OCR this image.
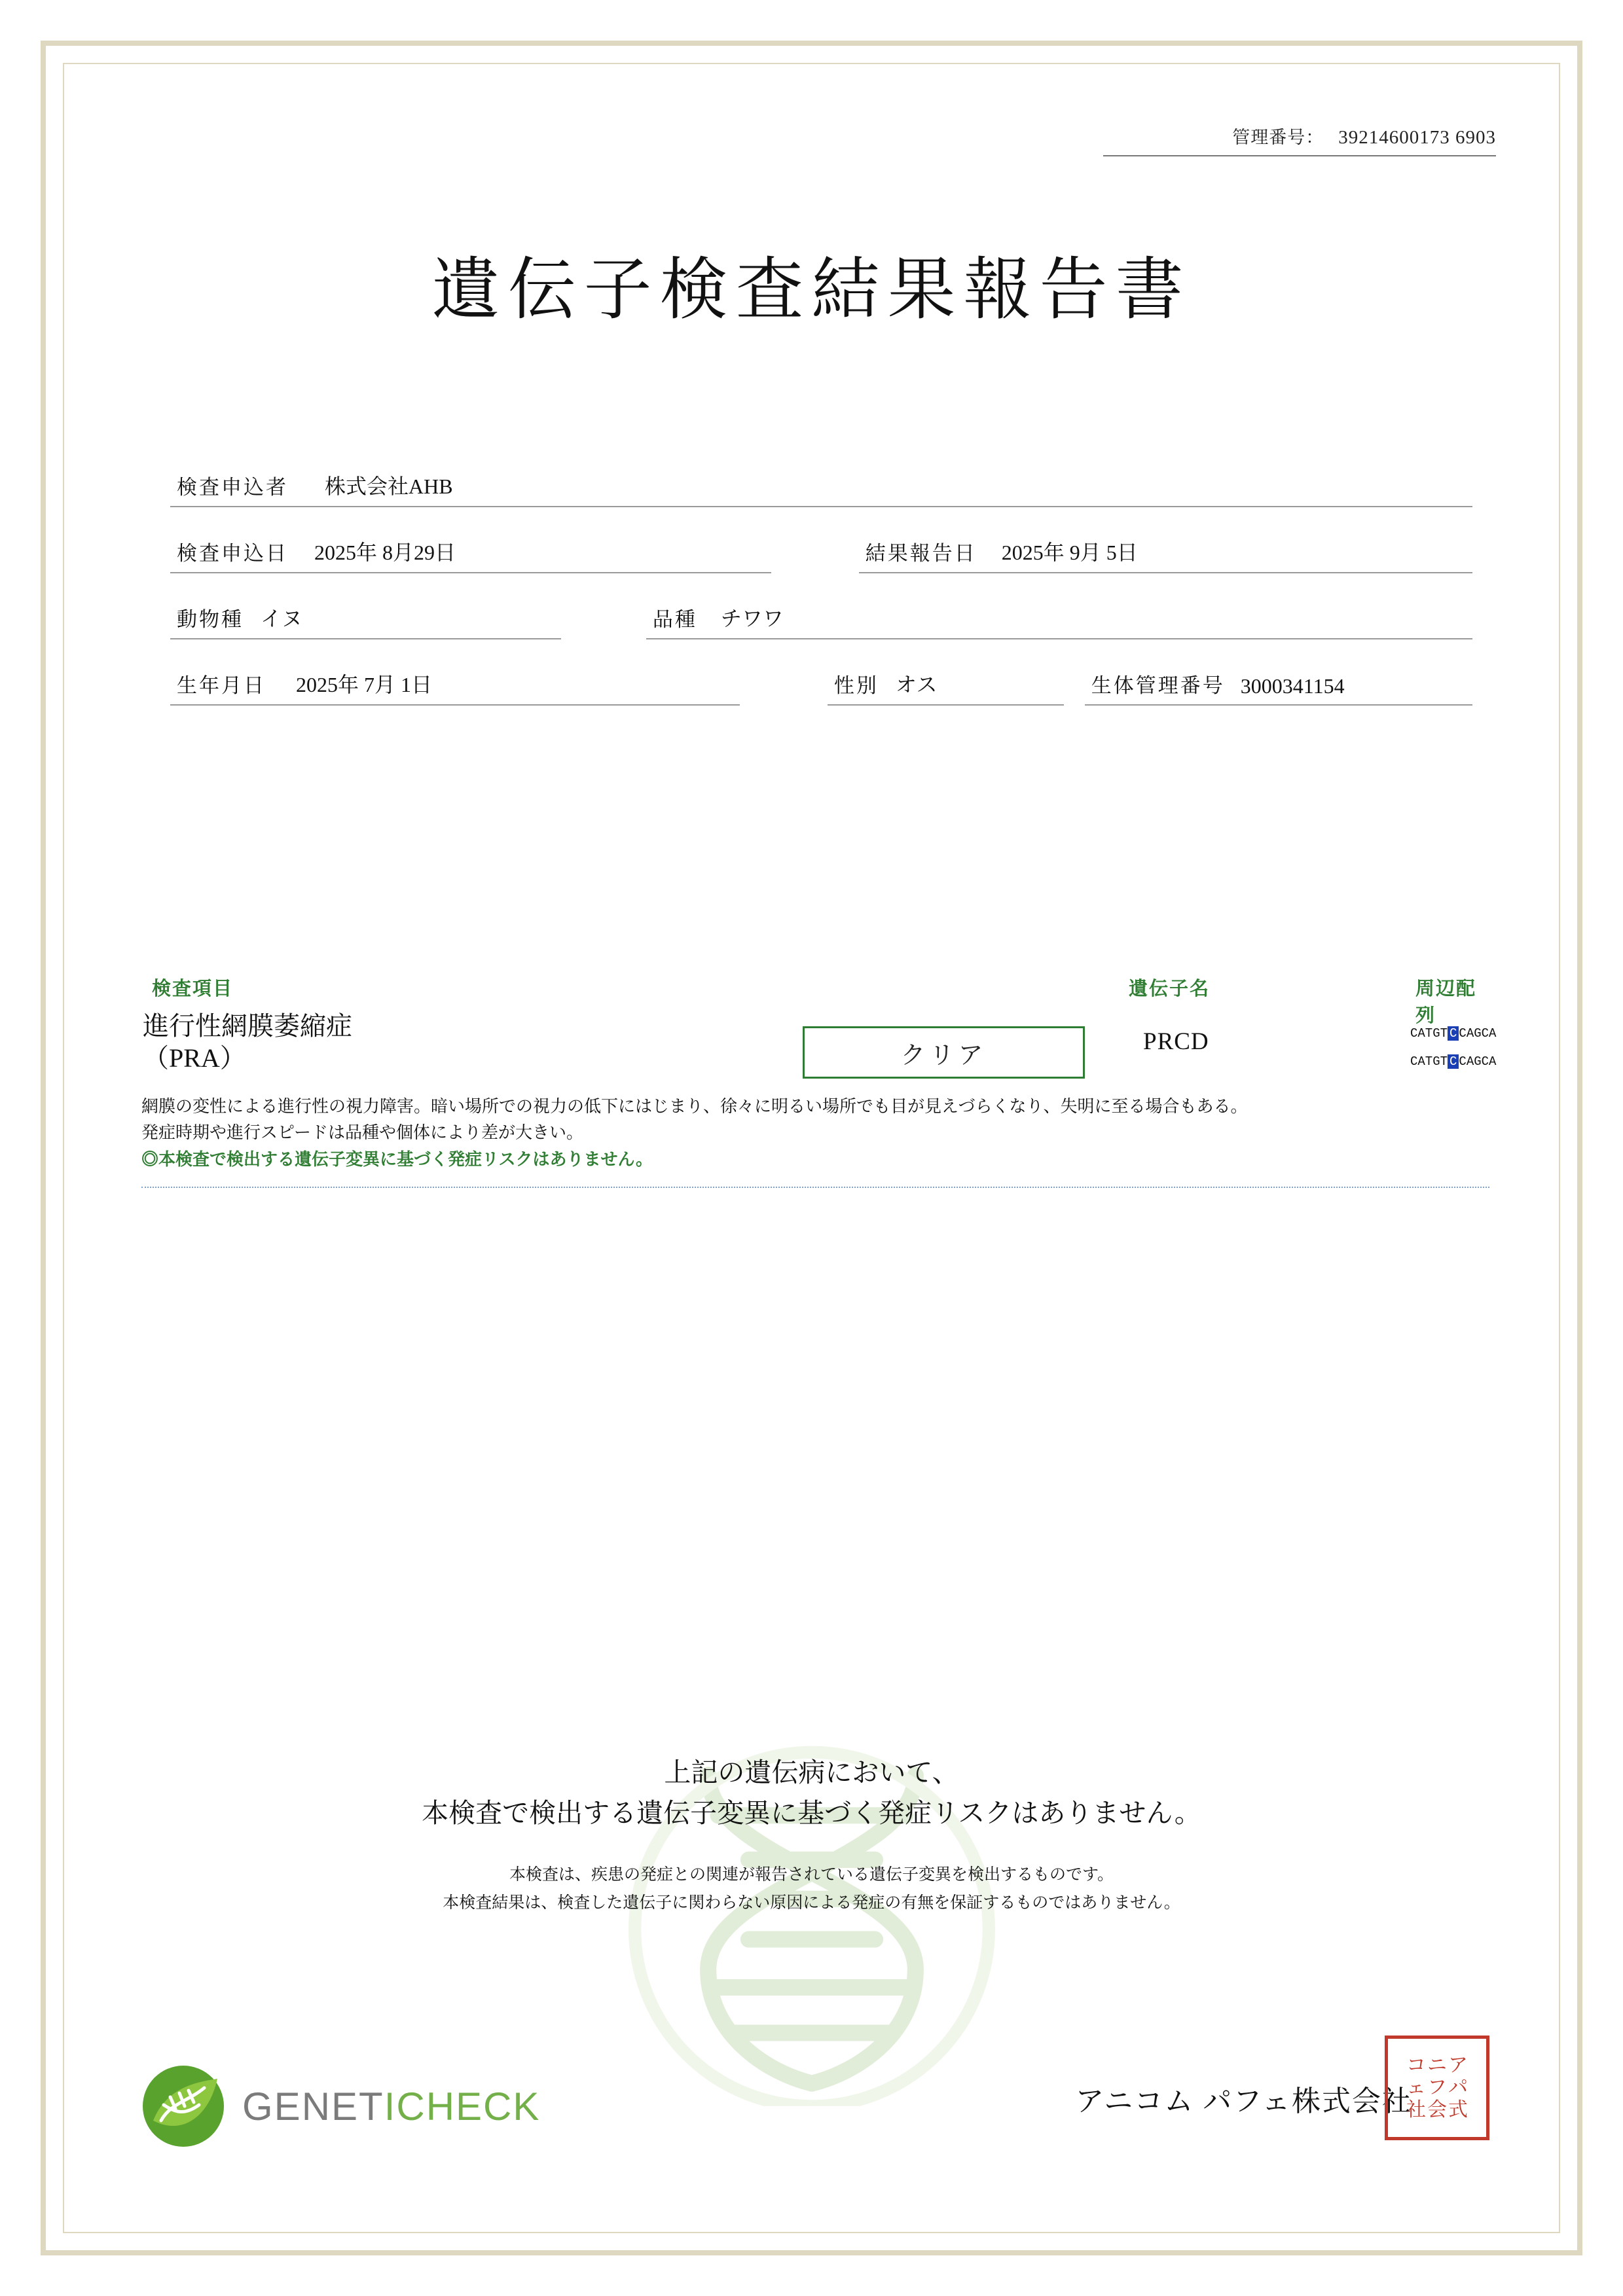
管理番号： 39214600173 6903
遺伝子検査結果報告書
検査申込者 株式会社AHB
検査申込日 2025年 8月29日	結果報告日 2025年 9月 5日
動物種 イヌ	品種 チワワ
生年月日 2025年 7月 1日	性別 オス	生体管理番号 3000341154
検査項目	遺伝子名	周辺配列
進行性網膜萎縮症
（PRA）	クリア	PRCD	CATGT C CAGCA
CATGT C CAGCA
網膜の変性による進行性の視力障害。暗い場所での視力の低下にはじまり、徐々に明るい場所でも目が見えづらくなり、失明に至る場合もある。
発症時期や進行スピードは品種や個体により差が大きい。
◎本検査で検出する遺伝子変異に基づく発症リスクはありません。
上記の遺伝病において、
本検査で検出する遺伝子変異に基づく発症リスクはありません。
本検査は、疾患の発症との関連が報告されている遺伝子変異を検出するものです。
本検査結果は、検査した遺伝子に関わらない原因による発症の有無を保証するものではありません。
GENETICHECK	アニコム パフェ株式会社
ア
パ
式
ニ
フ
会
コ
ェ
社
